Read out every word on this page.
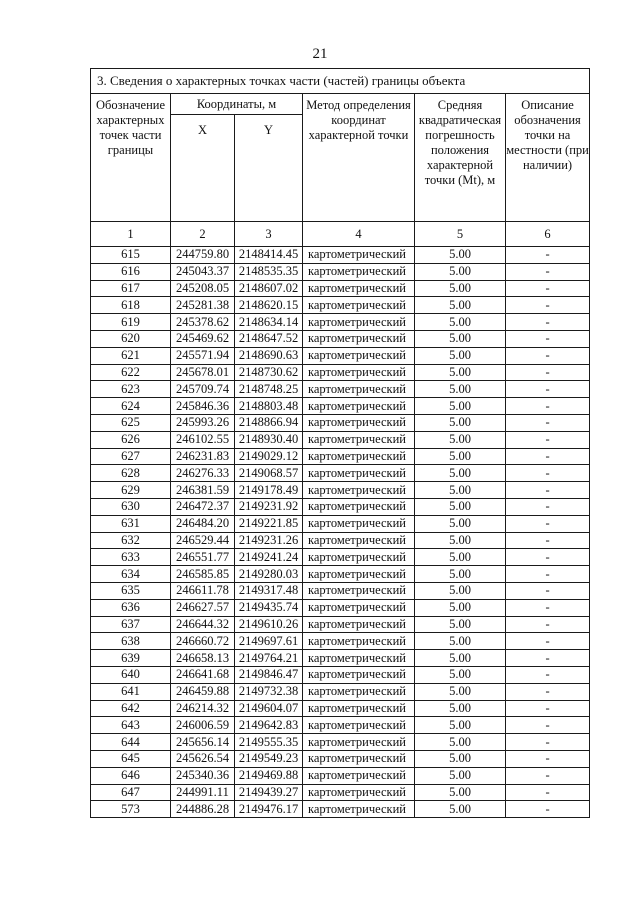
21
3. Сведения о характерных точках части (частей) границы объекта					
Обозначение характерных точек части границы	Координаты, м		Метод определения координат характерной точки	Средняя квадратическая погрешность положения характерной точки (Mt), м	Описание обозначения точки на местности (при наличии)
	X	Y			
1	2	3	4	5	6
615	244759.80	2148414.45	картометрический	5.00	-
616	245043.37	2148535.35	картометрический	5.00	-
617	245208.05	2148607.02	картометрический	5.00	-
618	245281.38	2148620.15	картометрический	5.00	-
619	245378.62	2148634.14	картометрический	5.00	-
620	245469.62	2148647.52	картометрический	5.00	-
621	245571.94	2148690.63	картометрический	5.00	-
622	245678.01	2148730.62	картометрический	5.00	-
623	245709.74	2148748.25	картометрический	5.00	-
624	245846.36	2148803.48	картометрический	5.00	-
625	245993.26	2148866.94	картометрический	5.00	-
626	246102.55	2148930.40	картометрический	5.00	-
627	246231.83	2149029.12	картометрический	5.00	-
628	246276.33	2149068.57	картометрический	5.00	-
629	246381.59	2149178.49	картометрический	5.00	-
630	246472.37	2149231.92	картометрический	5.00	-
631	246484.20	2149221.85	картометрический	5.00	-
632	246529.44	2149231.26	картометрический	5.00	-
633	246551.77	2149241.24	картометрический	5.00	-
634	246585.85	2149280.03	картометрический	5.00	-
635	246611.78	2149317.48	картометрический	5.00	-
636	246627.57	2149435.74	картометрический	5.00	-
637	246644.32	2149610.26	картометрический	5.00	-
638	246660.72	2149697.61	картометрический	5.00	-
639	246658.13	2149764.21	картометрический	5.00	-
640	246641.68	2149846.47	картометрический	5.00	-
641	246459.88	2149732.38	картометрический	5.00	-
642	246214.32	2149604.07	картометрический	5.00	-
643	246006.59	2149642.83	картометрический	5.00	-
644	245656.14	2149555.35	картометрический	5.00	-
645	245626.54	2149549.23	картометрический	5.00	-
646	245340.36	2149469.88	картометрический	5.00	-
647	244991.11	2149439.27	картометрический	5.00	-
573	244886.28	2149476.17	картометрический	5.00	-
